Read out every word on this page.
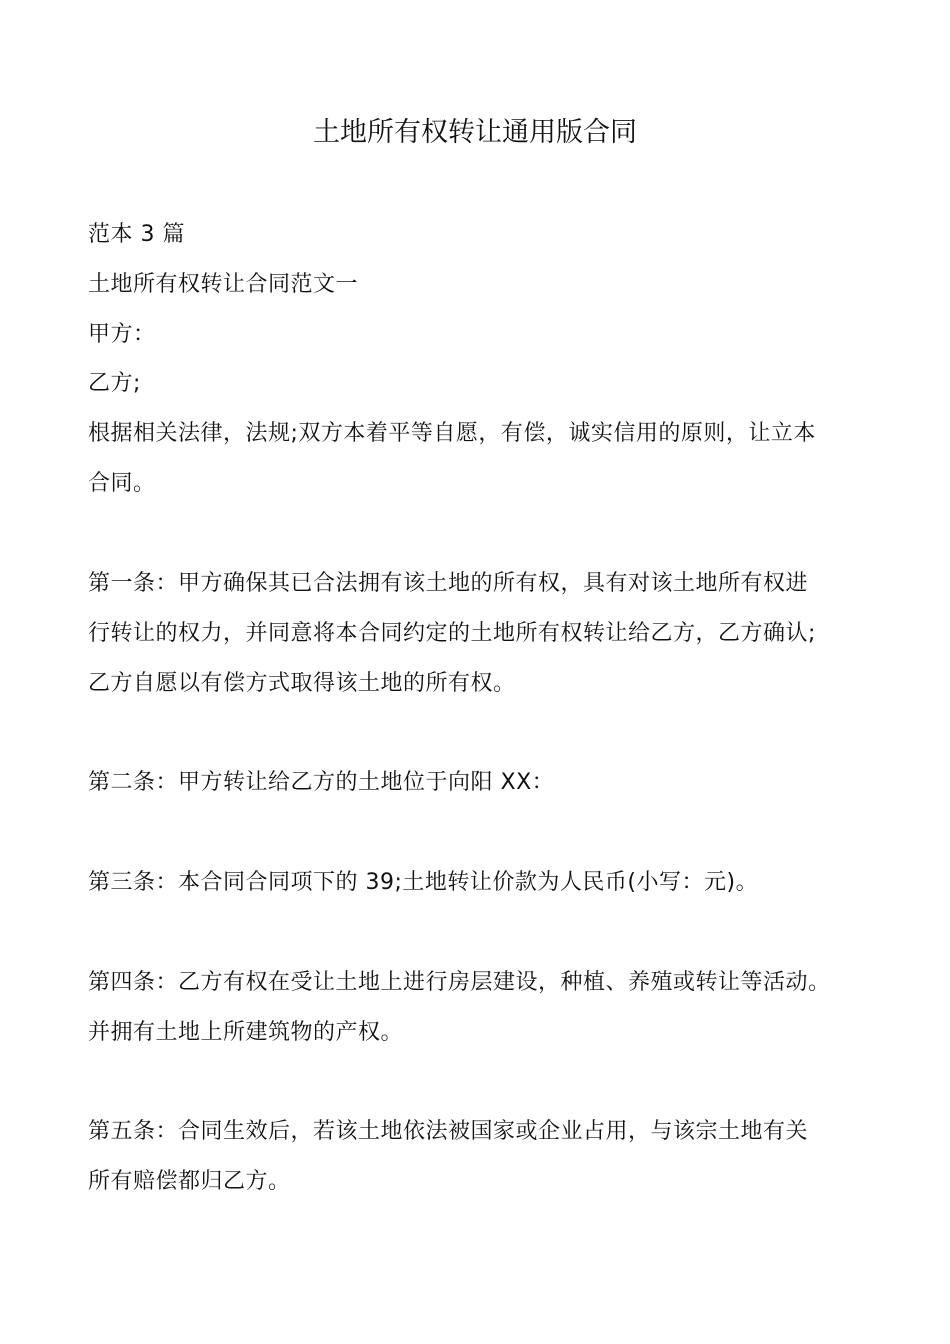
土地所有权转让通用版合同
范本 3 篇
土地所有权转让合同范文一
甲方：
乙方;
根据相关法律，法规;双方本着平等自愿，有偿，诚实信用的原则，让立本
合同。
第一条：甲方确保其已合法拥有该土地的所有权，具有对该土地所有权进
行转让的权力，并同意将本合同约定的土地所有权转让给乙方，乙方确认;
乙方自愿以有偿方式取得该土地的所有权。
第二条：甲方转让给乙方的土地位于向阳 XX：
第三条：本合同合同项下的 39;土地转让价款为人民币(小写：元)。
第四条：乙方有权在受让土地上进行房层建设，种植、养殖或转让等活动。
并拥有土地上所建筑物的产权。
第五条：合同生效后，若该土地依法被国家或企业占用，与该宗土地有关
所有赔偿都归乙方。
